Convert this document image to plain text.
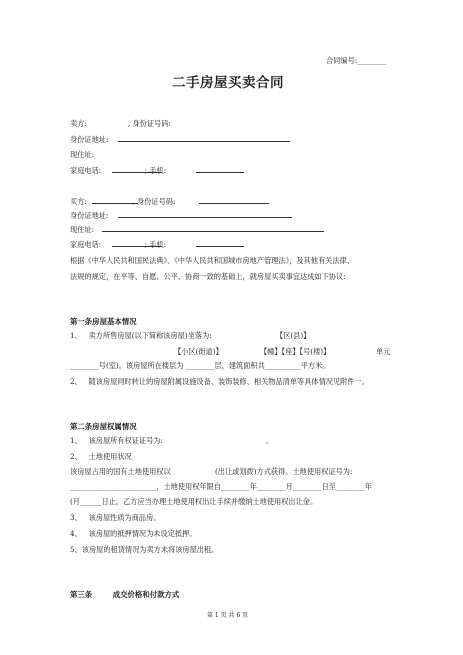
合同编号:________
二手房屋买卖合同
卖方:                  , 身份证号码:
身份证地址:
现住址:
家庭电话:                   ; 手机:
买方:                    , 身份证号码:
身份证地址:
现住址:
家庭电话:                   ; 手机:
根据《中华人民共和国民法典》、《中华人民共和国城市房地产管理法》，及其他有关法律、
法规的规定，在平等、自愿、公平、协商一致的基础上，就房屋买卖事宜达成如下协议:
第一条房屋基本情况
1、   卖方所售房屋(以下简称该房屋)坐落为:	【区(县)】
【小区(街道)】	【幢】【座】【号(楼)】	单元
________号(室)。该房屋所在楼层为 ________层，建筑面积共__________平方米。
2、   随该房屋同时转让的房屋附属设施设备、装饰装修、相关物品清单等具体情况见附件一。
第二条房屋权属情况
1、   该房屋所有权证证号为:	。
2、   土地使用状况
该房屋占用的国有土地使用权以	(出让或划拨)方式获得。土地使用权证号为:
________________________，土地使用权年限自________年________月________日至________年
(月______日止。乙方应当办理土地使用权出让手续并缴纳土地使用权出让金。
3、   该房屋性质为商品房。
4、   该房屋的抵押情况为未设定抵押。
5、该房屋的租赁情况为卖方未将该房屋出租。
第三条        成交价格和付款方式
第 1 页 共 6 页
